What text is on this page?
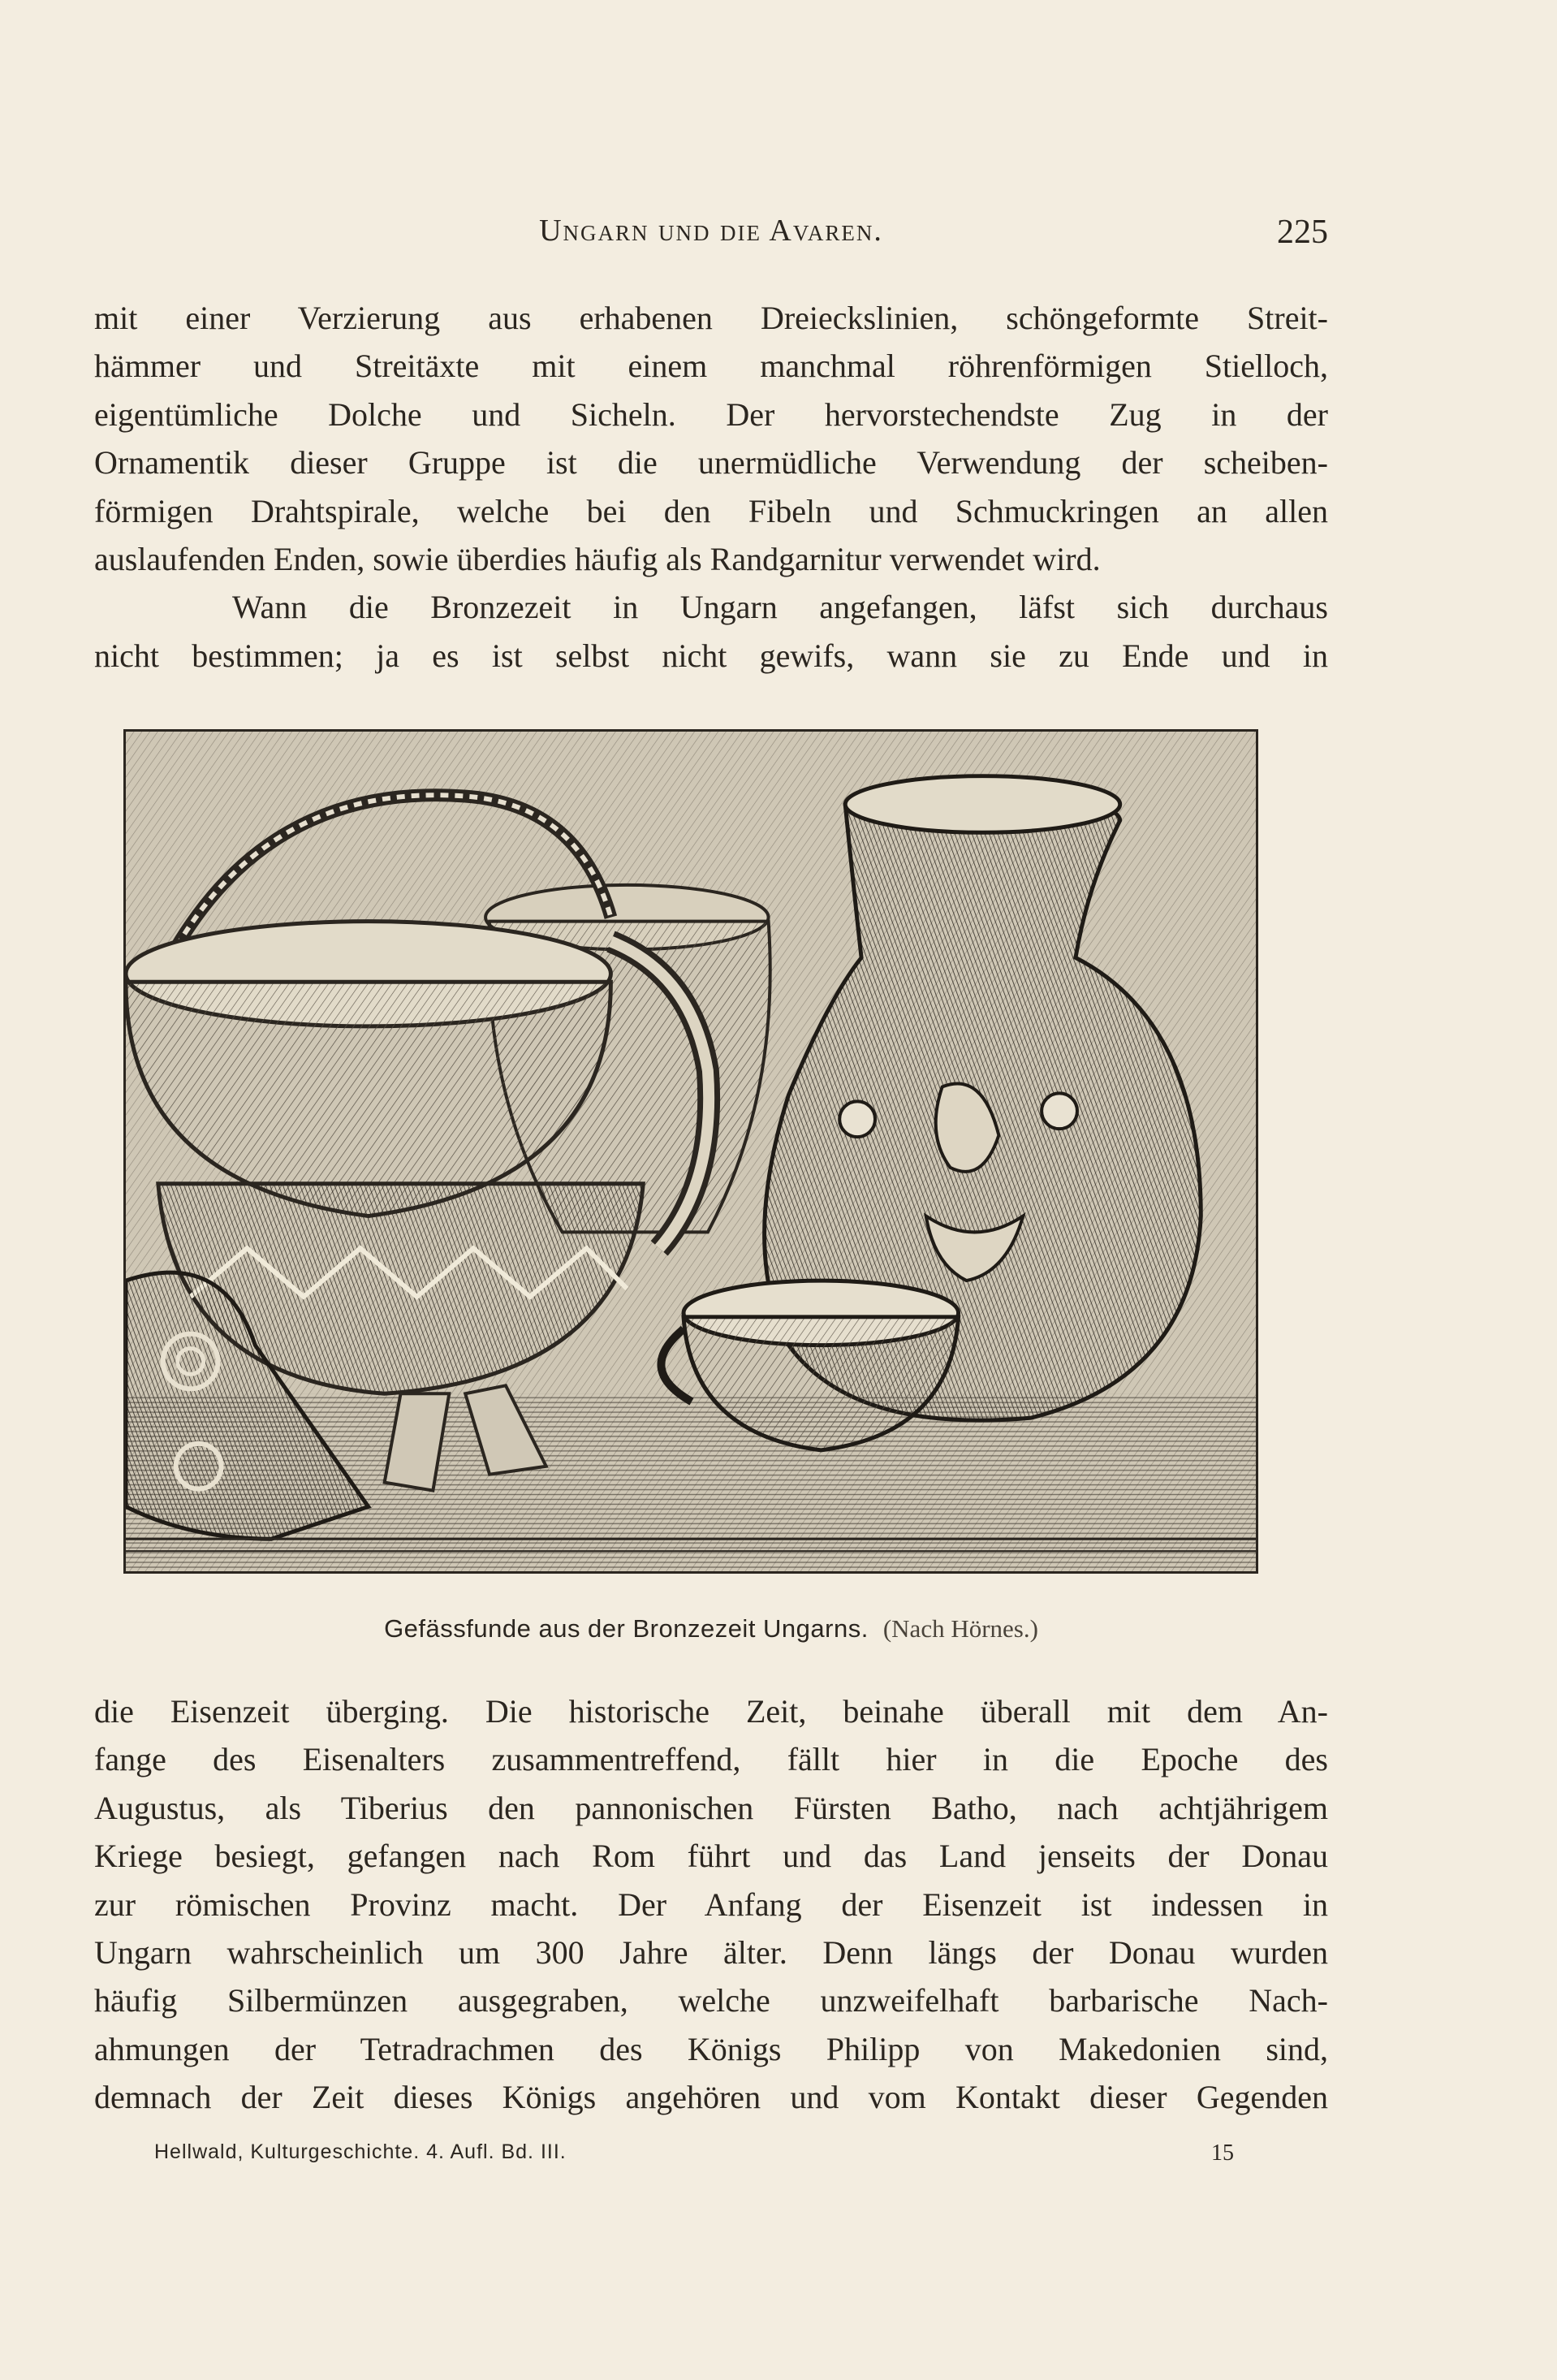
Ungarn und die Avaren.	225
mit einer Verzierung aus erhabenen Dreieckslinien, schöngeformte Streit-
hämmer und Streitäxte mit einem manchmal röhrenförmigen Stielloch,
eigentümliche Dolche und Sicheln. Der hervorstechendste Zug in der
Ornamentik dieser Gruppe ist die unermüdliche Verwendung der scheiben-
förmigen Drahtspirale, welche bei den Fibeln und Schmuckringen an allen
auslaufenden Enden, sowie überdies häufig als Randgarnitur verwendet wird.
Wann die Bronzezeit in Ungarn angefangen, läfst sich durchaus
nicht bestimmen; ja es ist selbst nicht gewifs, wann sie zu Ende und in
Gefässfunde aus der Bronzezeit Ungarns. (Nach Hörnes.)
die Eisenzeit überging. Die historische Zeit, beinahe überall mit dem An-
fange des Eisenalters zusammentreffend, fällt hier in die Epoche des
Augustus, als Tiberius den pannonischen Fürsten Batho, nach achtjährigem
Kriege besiegt, gefangen nach Rom führt und das Land jenseits der Donau
zur römischen Provinz macht. Der Anfang der Eisenzeit ist indessen in
Ungarn wahrscheinlich um 300 Jahre älter. Denn längs der Donau wurden
häufig Silbermünzen ausgegraben, welche unzweifelhaft barbarische Nach-
ahmungen der Tetradrachmen des Königs Philipp von Makedonien sind,
demnach der Zeit dieses Königs angehören und vom Kontakt dieser Gegenden
Hellwald, Kulturgeschichte. 4. Aufl. Bd. III.	15
